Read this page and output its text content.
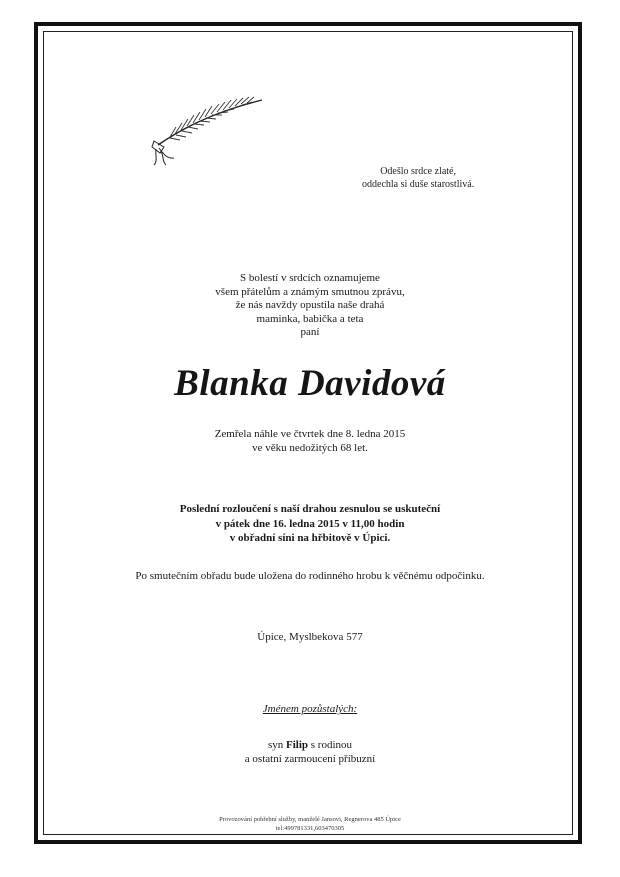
Odešlo srdce zlaté,
oddechla si duše starostlivá.
S bolestí v srdcích oznamujeme
všem přátelům a známým smutnou zprávu,
že nás navždy opustila naše drahá
maminka, babička a teta
paní
Blanka Davidová
Zemřela náhle ve čtvrtek dne 8. ledna 2015
ve věku nedožitých 68 let.
Poslední rozloučení s naší drahou zesnulou se uskuteční
v pátek dne 16. ledna 2015 v 11,00 hodin
v obřadní síni na hřbitově v Úpici.
Po smutečním obřadu bude uložena do rodinného hrobu k věčnému odpočinku.
Úpice, Myslbekova 577
Jménem pozůstalých:
syn Filip s rodinou
a ostatní zarmoucení příbuzní
Provozování pohřební služby, manželé Jansovi, Regnerova 485 Úpice
tel:499781331,603470305
